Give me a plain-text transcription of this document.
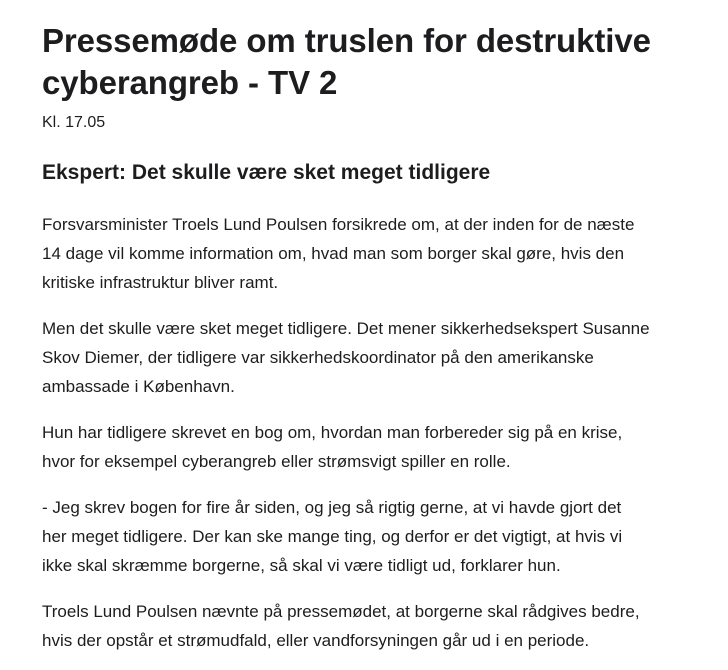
Pressemøde om truslen for destruktive
cyberangreb - TV 2
Kl. 17.05
Ekspert: Det skulle være sket meget tidligere

Forsvarsminister Troels Lund Poulsen forsikrede om, at der inden for de næste
14 dage vil komme information om, hvad man som borger skal gøre, hvis den
kritiske infrastruktur bliver ramt.

Men det skulle være sket meget tidligere. Det mener sikkerhedsekspert Susanne
Skov Diemer, der tidligere var sikkerhedskoordinator på den amerikanske
ambassade i København.

Hun har tidligere skrevet en bog om, hvordan man forbereder sig på en krise,
hvor for eksempel cyberangreb eller strømsvigt spiller en rolle.

- Jeg skrev bogen for fire år siden, og jeg så rigtig gerne, at vi havde gjort det
her meget tidligere. Der kan ske mange ting, og derfor er det vigtigt, at hvis vi
ikke skal skræmme borgerne, så skal vi være tidligt ud, forklarer hun.

Troels Lund Poulsen nævnte på pressemødet, at borgerne skal rådgives bedre,
hvis der opstår et strømudfald, eller vandforsyningen går ud i en periode.
